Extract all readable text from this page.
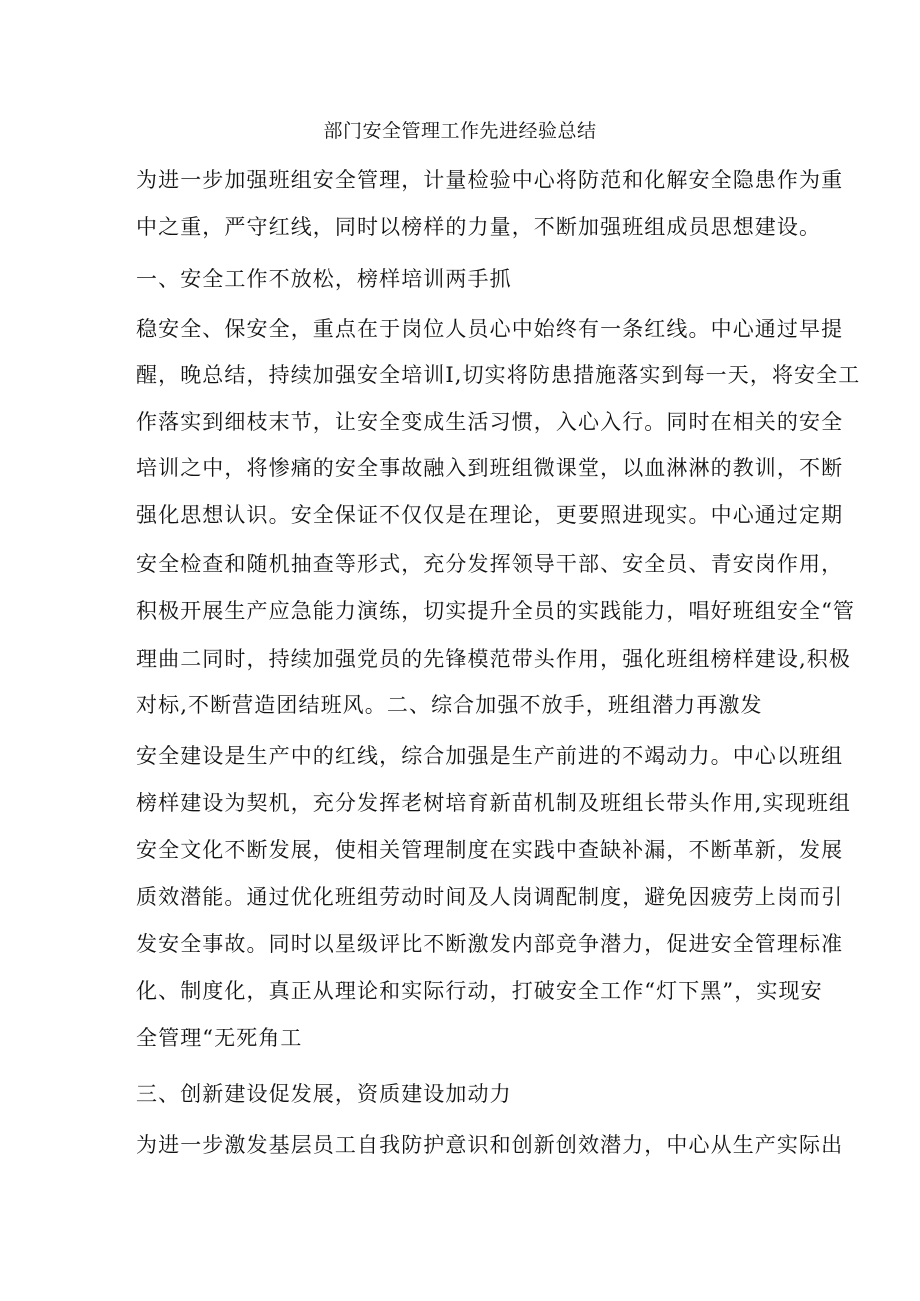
部门安全管理工作先进经验总结
为进一步加强班组安全管理，计量检验中心将防范和化解安全隐患作为重
中之重，严守红线，同时以榜样的力量，不断加强班组成员思想建设。
一、安全工作不放松，榜样培训两手抓
稳安全、保安全，重点在于岗位人员心中始终有一条红线。中心通过早提
醒，晚总结，持续加强安全培训Ⅰ,切实将防患措施落实到每一天，将安全工
作落实到细枝末节，让安全变成生活习惯，入心入行。同时在相关的安全
培训之中，将惨痛的安全事故融入到班组微课堂，以血淋淋的教训，不断
强化思想认识。安全保证不仅仅是在理论，更要照进现实。中心通过定期
安全检查和随机抽查等形式，充分发挥领导干部、安全员、青安岗作用，
积极开展生产应急能力演练，切实提升全员的实践能力，唱好班组安全“管
理曲二同时，持续加强党员的先锋模范带头作用，强化班组榜样建设,积极
对标,不断营造团结班风。二、综合加强不放手，班组潜力再激发
安全建设是生产中的红线，综合加强是生产前进的不竭动力。中心以班组
榜样建设为契机，充分发挥老树培育新苗机制及班组长带头作用,实现班组
安全文化不断发展，使相关管理制度在实践中查缺补漏，不断革新，发展
质效潜能。通过优化班组劳动时间及人岗调配制度，避免因疲劳上岗而引
发安全事故。同时以星级评比不断激发内部竞争潜力，促进安全管理标准
化、制度化，真正从理论和实际行动，打破安全工作“灯下黑”，实现安
全管理“无死角工
三、创新建设促发展，资质建设加动力
为进一步激发基层员工自我防护意识和创新创效潜力，中心从生产实际出
